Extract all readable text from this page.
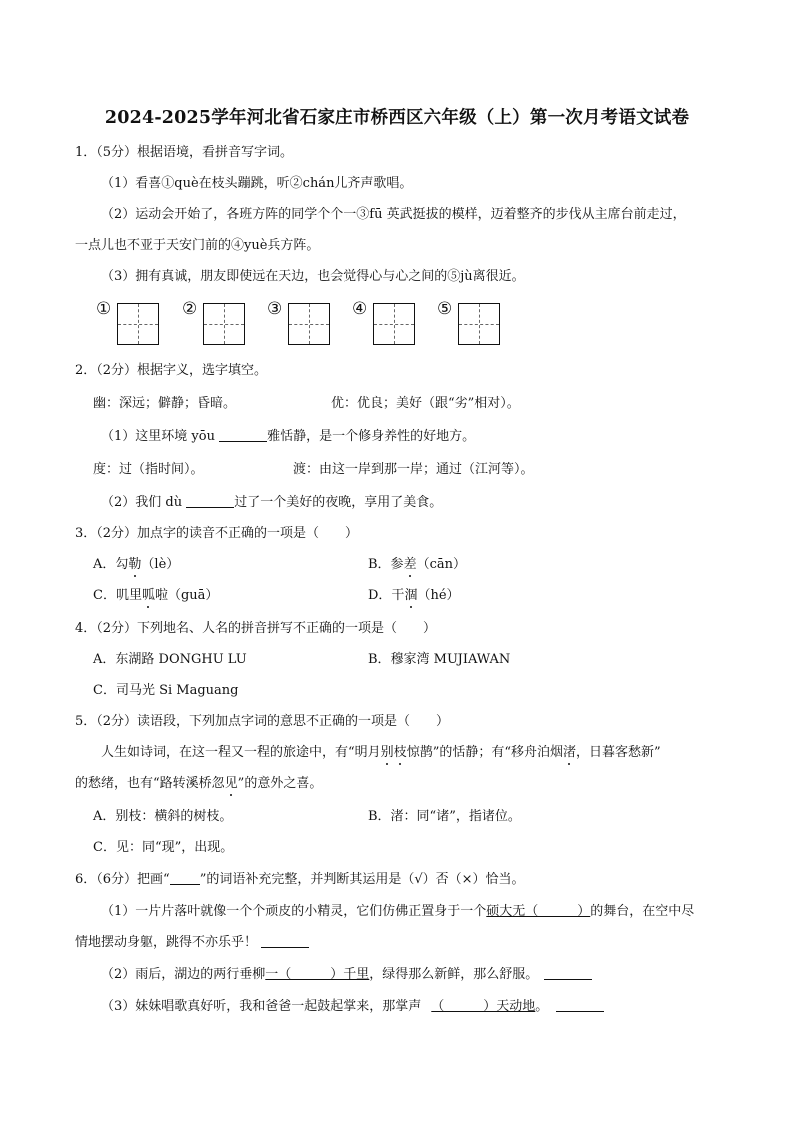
2024-2025学年河北省石家庄市桥西区六年级（上）第一次月考语文试卷
1．（5分）根据语境，看拼音写字词。
（1）看喜①què在枝头蹦跳，听②chán儿齐声歌唱。
（2）运动会开始了，各班方阵的同学个个一③fū 英武挺拔的模样，迈着整齐的步伐从主席台前走过，
一点儿也不亚于天安门前的④yuè兵方阵。
（3）拥有真诚，朋友即使远在天边，也会觉得心与心之间的⑤jù离很近。
①	②	③	④	⑤
2．（2分）根据字义，选字填空。
幽：深远；僻静；昏暗。	优：优良；美好（跟“劣”相对）。
（1）这里环境 yōu	雅恬静，是一个修身养性的好地方。
度：过（指时间）。	渡：由这一岸到那一岸；通过（江河等）。
（2）我们 dù	过了一个美好的夜晚，享用了美食。
3．（2分）加点字的读音不正确的一项是（　　）
A．勾勒（lè）	B．参差（cān）
C．叽里呱啦（guā）	D．干涸（hé）
4．（2分）下列地名、人名的拼音拼写不正确的一项是（　　）
A．东湖路 DONGHU LU	B．穆家湾 MUJIAWAN
C．司马光 Si Maguang
5．（2分）读语段，下列加点字词的意思不正确的一项是（　　）
人生如诗词，在这一程又一程的旅途中，有“明月别枝惊鹊”的恬静；有“移舟泊烟渚，日暮客愁新”
的愁绪，也有“路转溪桥忽见”的意外之喜。
A．别枝：横斜的树枝。	B．渚：同“诸”，指诸位。
C．见：同“现”，出现。
6．（6分）把画“ ”的词语补充完整，并判断其运用是（√）否（×）恰当。
（1）一片片落叶就像一个个顽皮的小精灵，它们仿佛正置身于一个硕大无（　　　）的舞台，在空中尽
情地摆动身躯，跳得不亦乐乎！
（2）雨后，湖边的两行垂柳一（　　　）千里，绿得那么新鲜，那么舒服。
（3）妹妹唱歌真好听，我和爸爸一起鼓起掌来，那掌声 （　　　）天动地。
